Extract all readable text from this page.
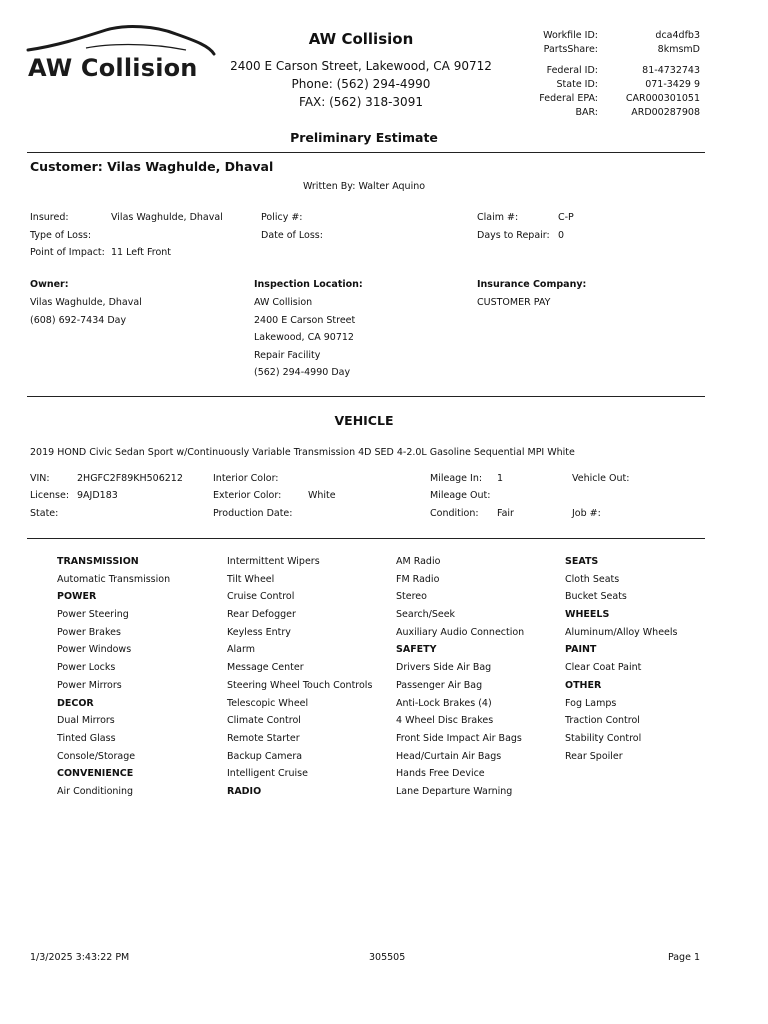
AW Collision
AW Collision
2400 E Carson Street, Lakewood, CA 90712
Phone: (562) 294-4990
FAX: (562) 318-3091
Workfile ID:	dca4dfb3
PartsShare:	8kmsmD
Federal ID:	81-4732743
State ID:	071-3429 9
Federal EPA:	CAR000301051
BAR:	ARD00287908
Preliminary Estimate
Customer: Vilas Waghulde, Dhaval
Written By: Walter Aquino
Insured:	Vilas Waghulde, Dhaval
Type of Loss:
Point of Impact: 11 Left Front
Policy #:
Date of Loss:
Claim #:	C-P
Days to Repair: 0
Owner:
Vilas Waghulde, Dhaval
(608) 692-7434 Day
Inspection Location:
AW Collision
2400 E Carson Street
Lakewood, CA 90712
Repair Facility
(562) 294-4990 Day
Insurance Company:
CUSTOMER PAY
VEHICLE
2019 HOND Civic Sedan Sport w/Continuously Variable Transmission 4D SED 4-2.0L Gasoline Sequential MPI White
VIN:	2HGFC2F89KH506212
License: 9AJD183
State:
Interior Color:
Exterior Color:	White
Production Date:
Mileage In: 1
Mileage Out:
Condition: Fair
Vehicle Out:
Job #:
TRANSMISSION
Automatic Transmission
POWER
Power Steering
Power Brakes
Power Windows
Power Locks
Power Mirrors
DECOR
Dual Mirrors
Tinted Glass
Console/Storage
CONVENIENCE
Air Conditioning
Intermittent Wipers
Tilt Wheel
Cruise Control
Rear Defogger
Keyless Entry
Alarm
Message Center
Steering Wheel Touch Controls
Telescopic Wheel
Climate Control
Remote Starter
Backup Camera
Intelligent Cruise
RADIO
AM Radio
FM Radio
Stereo
Search/Seek
Auxiliary Audio Connection
SAFETY
Drivers Side Air Bag
Passenger Air Bag
Anti-Lock Brakes (4)
4 Wheel Disc Brakes
Front Side Impact Air Bags
Head/Curtain Air Bags
Hands Free Device
Lane Departure Warning
SEATS
Cloth Seats
Bucket Seats
WHEELS
Aluminum/Alloy Wheels
PAINT
Clear Coat Paint
OTHER
Fog Lamps
Traction Control
Stability Control
Rear Spoiler
1/3/2025 3:43:22 PM	305505	Page 1
